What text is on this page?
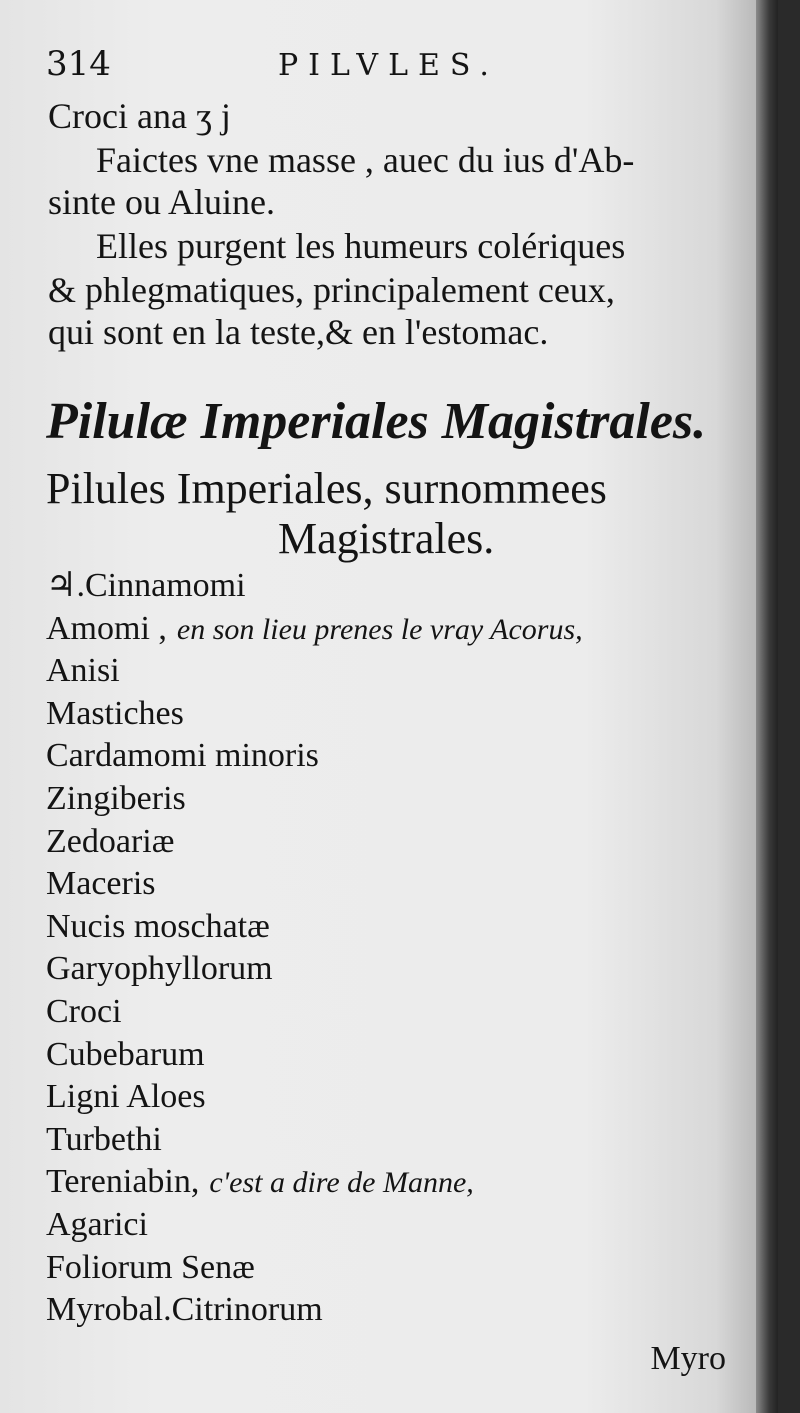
314	PILVLES.
Croci ana ʒ j
Faictes vne masse , auec du ius d'Ab-
sinte ou Aluine.
Elles purgent les humeurs colériques
& phlegmatiques, principalement ceux,
qui sont en la teste,& en l'estomac.
Pilulæ Imperiales Magistrales.
Pilules Imperiales, surnommees
Magistrales.
♃.Cinnamomi
Amomi , en son lieu prenes le vray Acorus,
Anisi
Mastiches
Cardamomi minoris
Zingiberis
Zedoariæ
Maceris
Nucis moschatæ
Garyophyllorum
Croci
Cubebarum
Ligni Aloes
Turbethi
Tereniabin, c'est a dire de Manne,
Agarici
Foliorum Senæ
Myrobal.Citrinorum
Myro
